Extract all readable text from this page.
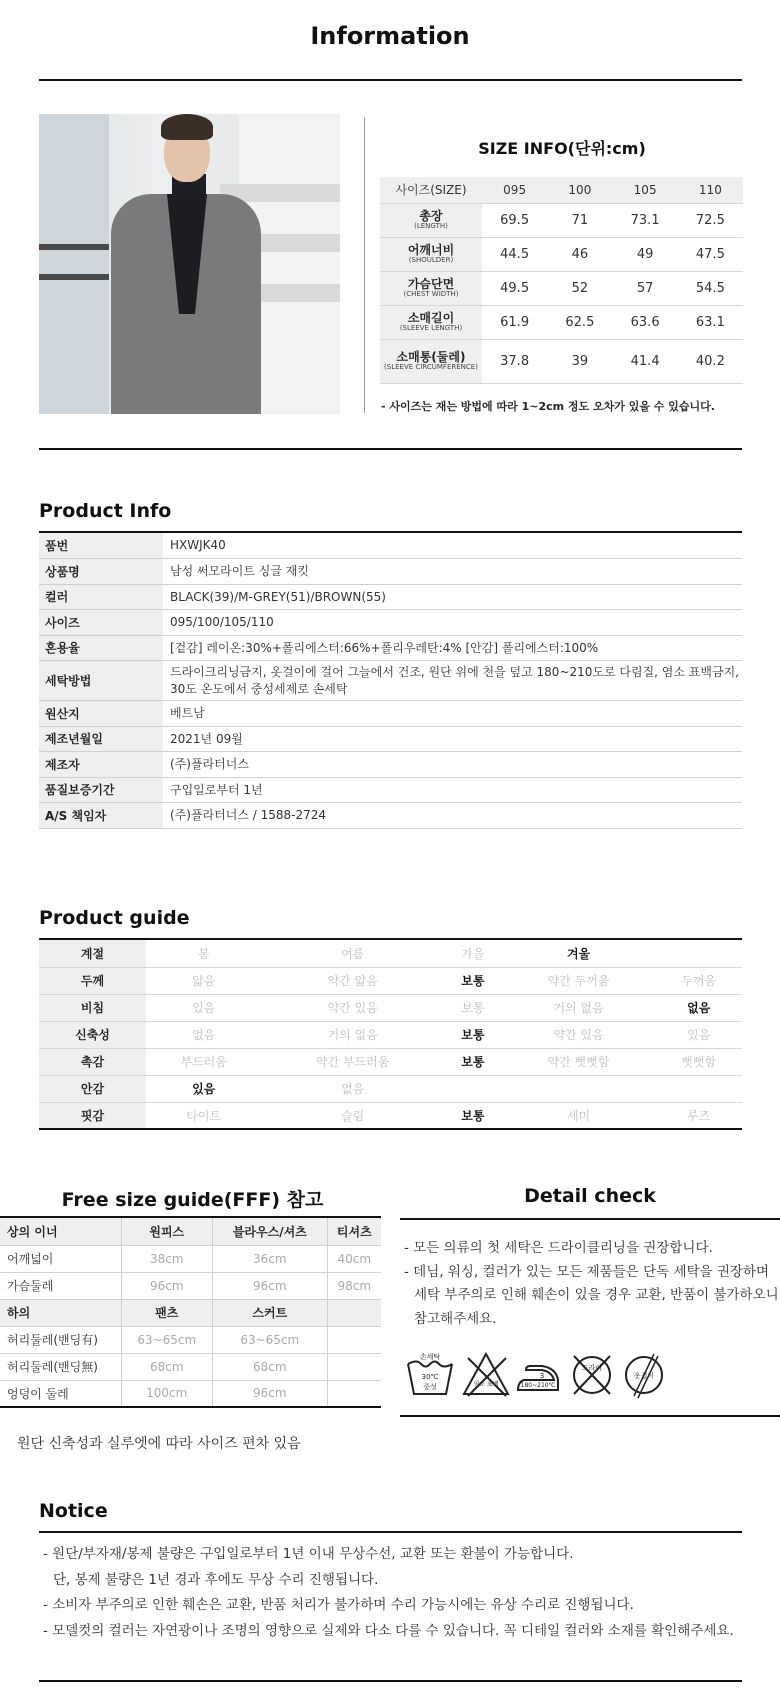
Information
SIZE INFO(단위:cm)
사이즈(SIZE)	095	100	105	110

총장
(LENGTH)	69.5	71	73.1	72.5

어깨너비
(SHOULDER)	44.5	46	49	47.5

가슴단면
(CHEST WIDTH)	49.5	52	57	54.5

소매길이
(SLEEVE LENGTH)	61.9	62.5	63.6	63.1

소매통(둘레)
(SLEEVE CIRCUMFERENCE)	37.8	39	41.4	40.2
- 사이즈는 재는 방법에 따라 1~2cm 정도 오차가 있을 수 있습니다.
Product Info
품번	HXWJK40
상품명	남성 써모라이트 싱글 재킷
컬러	BLACK(39)/M-GREY(51)/BROWN(55)
사이즈	095/100/105/110
혼용율	[겉감] 레이온:30%+폴리에스터:66%+폴리우레탄:4% [안감] 폴리에스터:100%
세탁방법	드라이크리닝금지, 옷걸이에 걸어 그늘에서 건조, 원단 위에 천을 덮고 180~210도로 다림질, 염소 표백금지, 30도 온도에서 중성세제로 손세탁
원산지	베트남
제조년월일	2021년 09월
제조자	(주)플라터너스
품질보증기간	구입일로부터 1년
A/S 책임자	(주)플라터너스 / 1588-2724
Product guide
계절	봄	여름	가을	겨울	
두께	얇음	약간 얇음	보통	약간 두꺼움	두꺼움
비침	있음	약간 있음	보통	거의 없음	없음
신축성	없음	거의 없음	보통	약간 있음	있음
촉감	부드러움	약간 부드러움	보통	약간 뻣뻣함	뻣뻣함
안감	있음	없음			
핏감	타이트	슬림	보통	세미	루즈
Free size guide(FFF) 참고
상의 이너	원피스	블라우스/셔츠	티셔츠
어깨넓이	38cm	36cm	40cm
가슴둘레	96cm	96cm	98cm
하의	팬츠	스커트	
허리둘레(밴딩有)	63~65cm	63~65cm	
허리둘레(밴딩無)	68cm	68cm	
엉덩이 둘레	100cm	96cm	
원단 신축성과 실루엣에 따라 사이즈 편차 있음
Detail check

- 모든 의류의 첫 세탁은 드라이클리닝을 권장합니다.

- 데님, 워싱, 컬러가 있는 모든 제품들은 단독 세탁을 권장하며 세탁 부주의로 인해 훼손이 있을 경우 교환, 반품이 불가하오니 참고해주세요.

손세탁
30℃
중성	염소 표백
3
180~210℃
드라이
옷걸이
Notice

- 원단/부자재/봉제 불량은 구입일로부터 1년 이내 무상수선, 교환 또는 환불이 가능합니다.

단, 봉제 불량은 1년 경과 후에도 무상 수리 진행됩니다.

- 소비자 부주의로 인한 훼손은 교환, 반품 처리가 불가하며 수리 가능시에는 유상 수리로 진행됩니다.

- 모델컷의 컬러는 자연광이나 조명의 영향으로 실제와 다소 다를 수 있습니다. 꼭 디테일 컬러와 소재를 확인해주세요.
